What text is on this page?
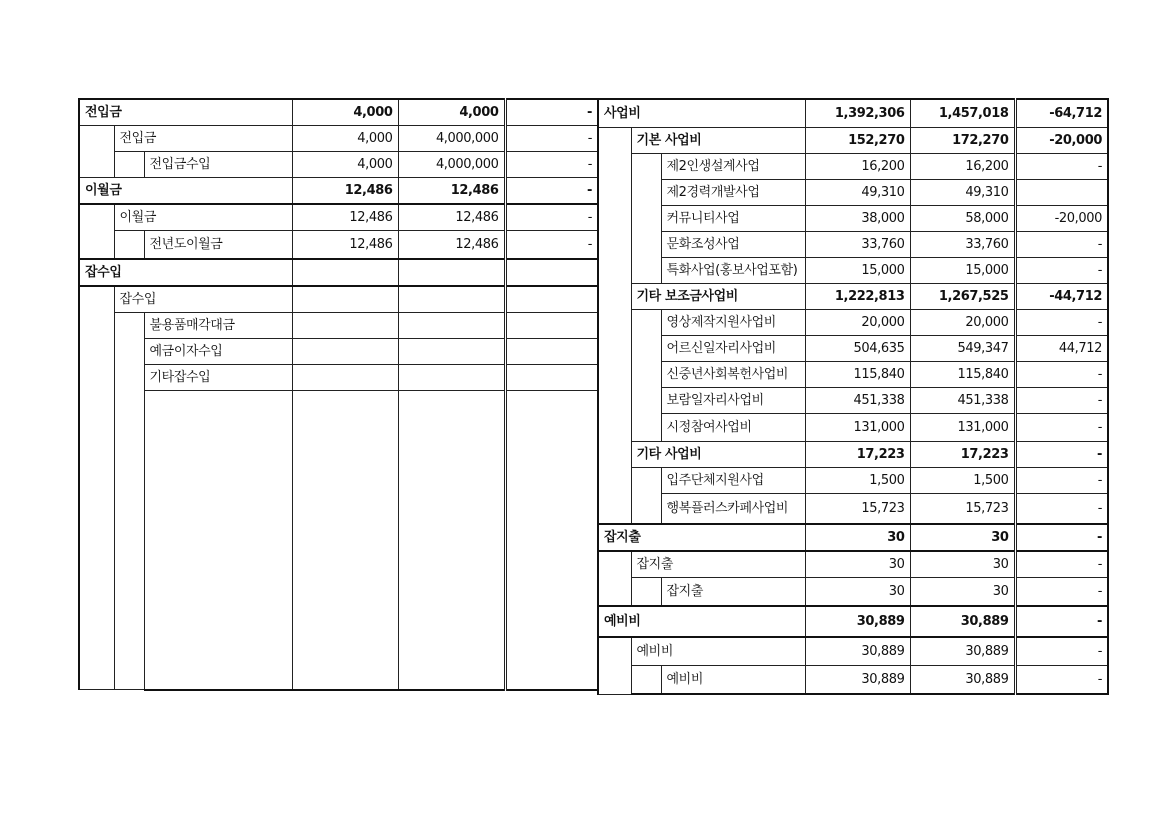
전입금			4,000	4,000	-
	전입금		4,000	4,000,000	-
		전입금수입	4,000	4,000,000	-
이월금			12,486	12,486	-
	이월금		12,486	12,486	-
		전년도이월금	12,486	12,486	-
잡수입					
	잡수입				
		불용품매각대금			
		예금이자수입			
		기타잡수입			

사업비			1,392,306	1,457,018	-64,712
	기본 사업비		152,270	172,270	-20,000
		제2인생설계사업	16,200	16,200	-
		제2경력개발사업	49,310	49,310	
		커뮤니티사업	38,000	58,000	-20,000
		문화조성사업	33,760	33,760	-
		특화사업(홍보사업포함)	15,000	15,000	-
	기타 보조금사업비		1,222,813	1,267,525	-44,712
		영상제작지원사업비	20,000	20,000	-
		어르신일자리사업비	504,635	549,347	44,712
		신중년사회복헌사업비	115,840	115,840	-
		보람일자리사업비	451,338	451,338	-
		시정참여사업비	131,000	131,000	-
	기타 사업비		17,223	17,223	-
		입주단체지원사업	1,500	1,500	-
		행복플러스카페사업비	15,723	15,723	-
잡지출			30	30	-
	잡지출		30	30	-
		잡지출	30	30	-
예비비			30,889	30,889	-
	예비비		30,889	30,889	-
		예비비	30,889	30,889	-
